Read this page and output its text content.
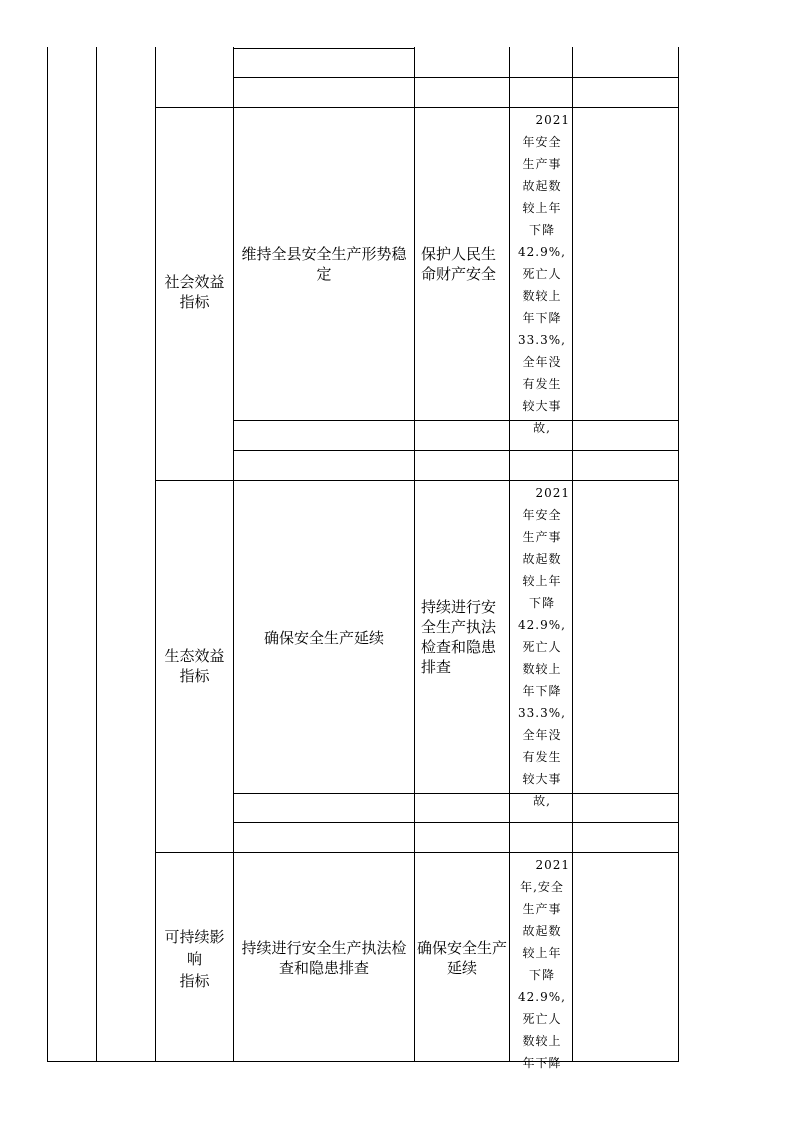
社会效益
指标
维持全县安全生产形势稳定
保护人民生命财产安全

2021

年安全

生产事

故起数

较上年

下降

42.9%,

死亡人

数较上

年下降

33.3%,

全年没

有发生

较大事

故,

生态效益
指标
确保安全生产延续
持续进行安全生产执法检查和隐患排查

2021

年安全

生产事

故起数

较上年

下降

42.9%,

死亡人

数较上

年下降

33.3%,

全年没

有发生

较大事

故,

可持续影
响
指标
持续进行安全生产执法检查和隐患排查
确保安全生产延续

2021

年,安全

生产事

故起数

较上年

下降

42.9%,

死亡人

数较上

年下降
